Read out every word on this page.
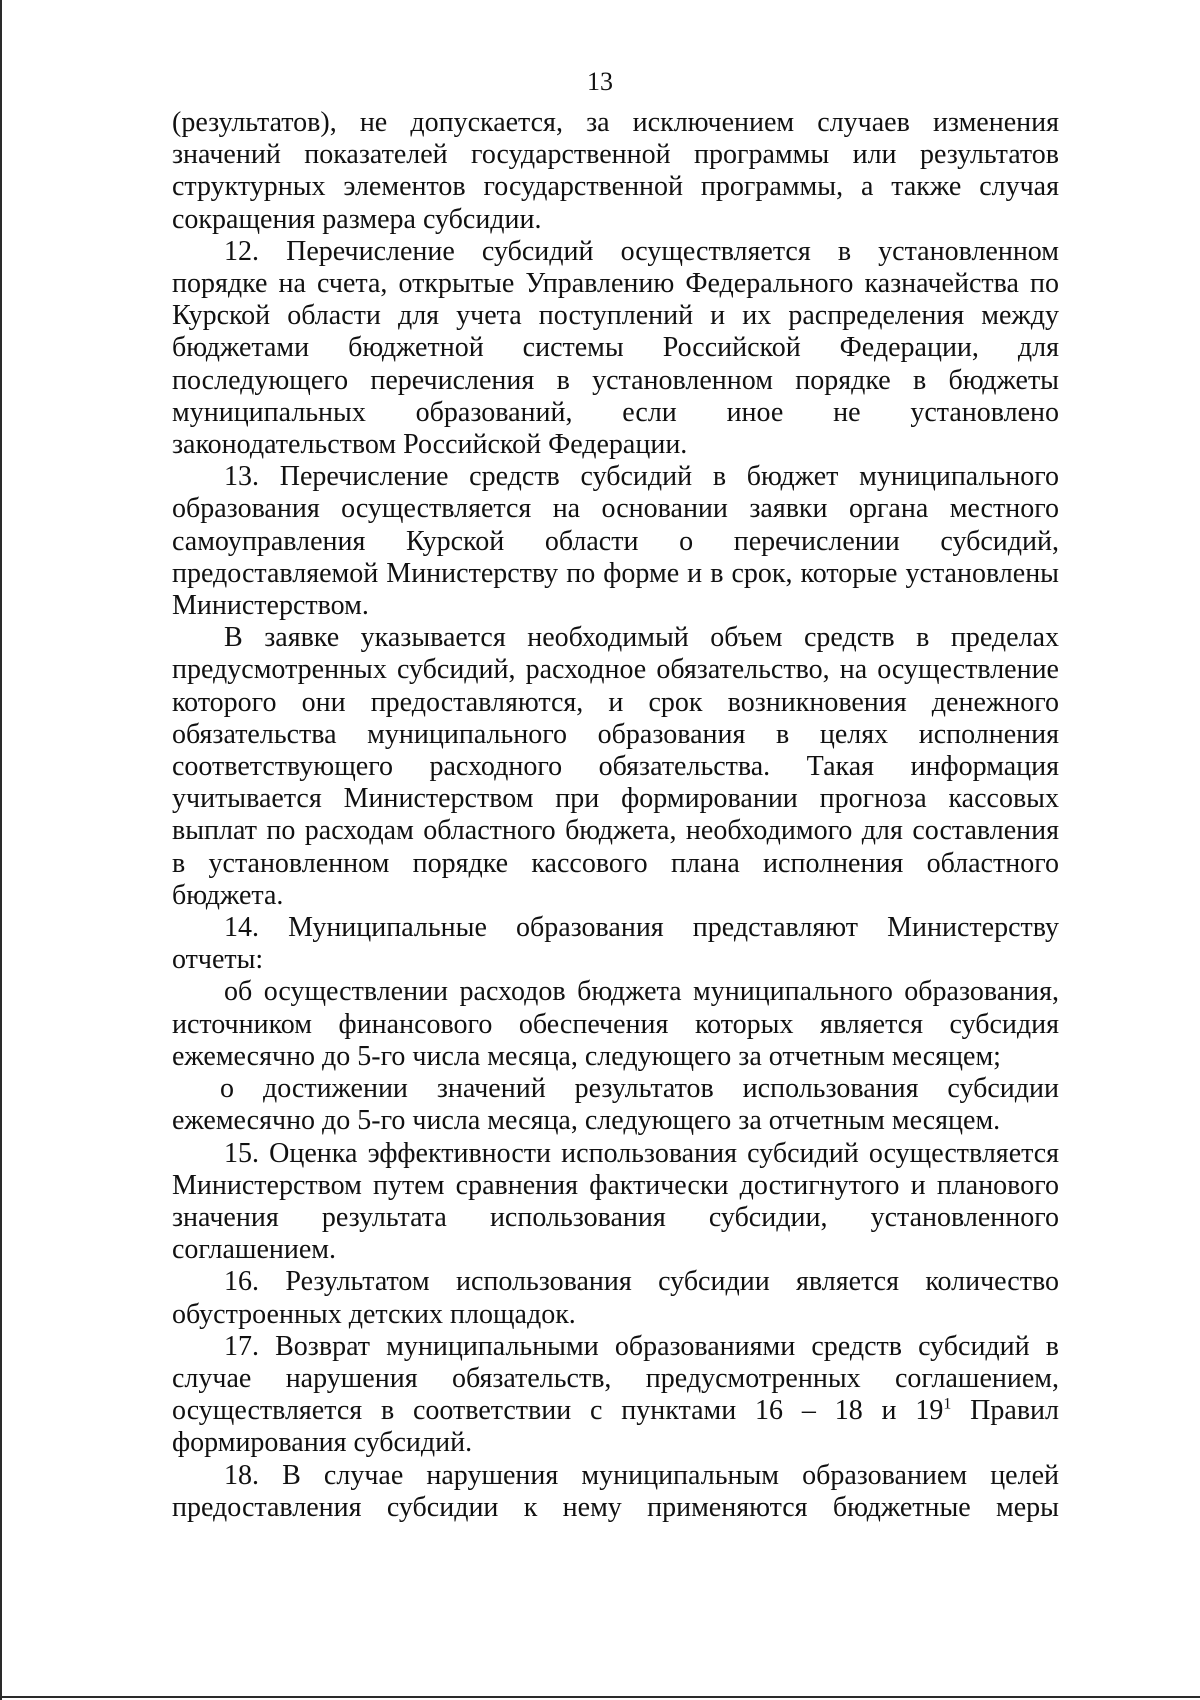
13

(результатов), не допускается, за исключением случаев изменения значений показателей государственной программы или результатов структурных элементов государственной программы, а также случая сокращения размера субсидии.

12. Перечисление субсидий осуществляется в установленном порядке на счета, открытые Управлению Федерального казначейства по Курской области для учета поступлений и их распределения между бюджетами бюджетной системы Российской Федерации, для последующего перечисления в установленном порядке в бюджеты муниципальных образований, если иное не установлено законодательством Российской Федерации.

13. Перечисление средств субсидий в бюджет муниципального образования осуществляется на основании заявки органа местного самоуправления Курской области о перечислении субсидий, предоставляемой Министерству по форме и в срок, которые установлены Министерством.

В заявке указывается необходимый объем средств в пределах предусмотренных субсидий, расходное обязательство, на осуществление которого они предоставляются, и срок возникновения денежного обязательства муниципального образования в целях исполнения соответствующего расходного обязательства. Такая информация учитывается Министерством при формировании прогноза кассовых выплат по расходам областного бюджета, необходимого для составления в установленном порядке кассового плана исполнения областного бюджета.

14. Муниципальные образования представляют Министерству отчеты:

об осуществлении расходов бюджета муниципального образования, источником финансового обеспечения которых является субсидия ежемесячно до 5-го числа месяца, следующего за отчетным месяцем;

о достижении значений результатов использования субсидии ежемесячно до 5-го числа месяца, следующего за отчетным месяцем.

15. Оценка эффективности использования субсидий осуществляется Министерством путем сравнения фактически достигнутого и планового значения результата использования субсидии, установленного соглашением.

16. Результатом использования субсидии является количество обустроенных детских площадок.

17. Возврат муниципальными образованиями средств субсидий в случае нарушения обязательств, предусмотренных соглашением, осуществляется в соответствии с пунктами 16 – 18 и $19^1$ Правил формирования субсидий.

18. В случае нарушения муниципальным образованием целей предоставления субсидии к нему применяются бюджетные меры
